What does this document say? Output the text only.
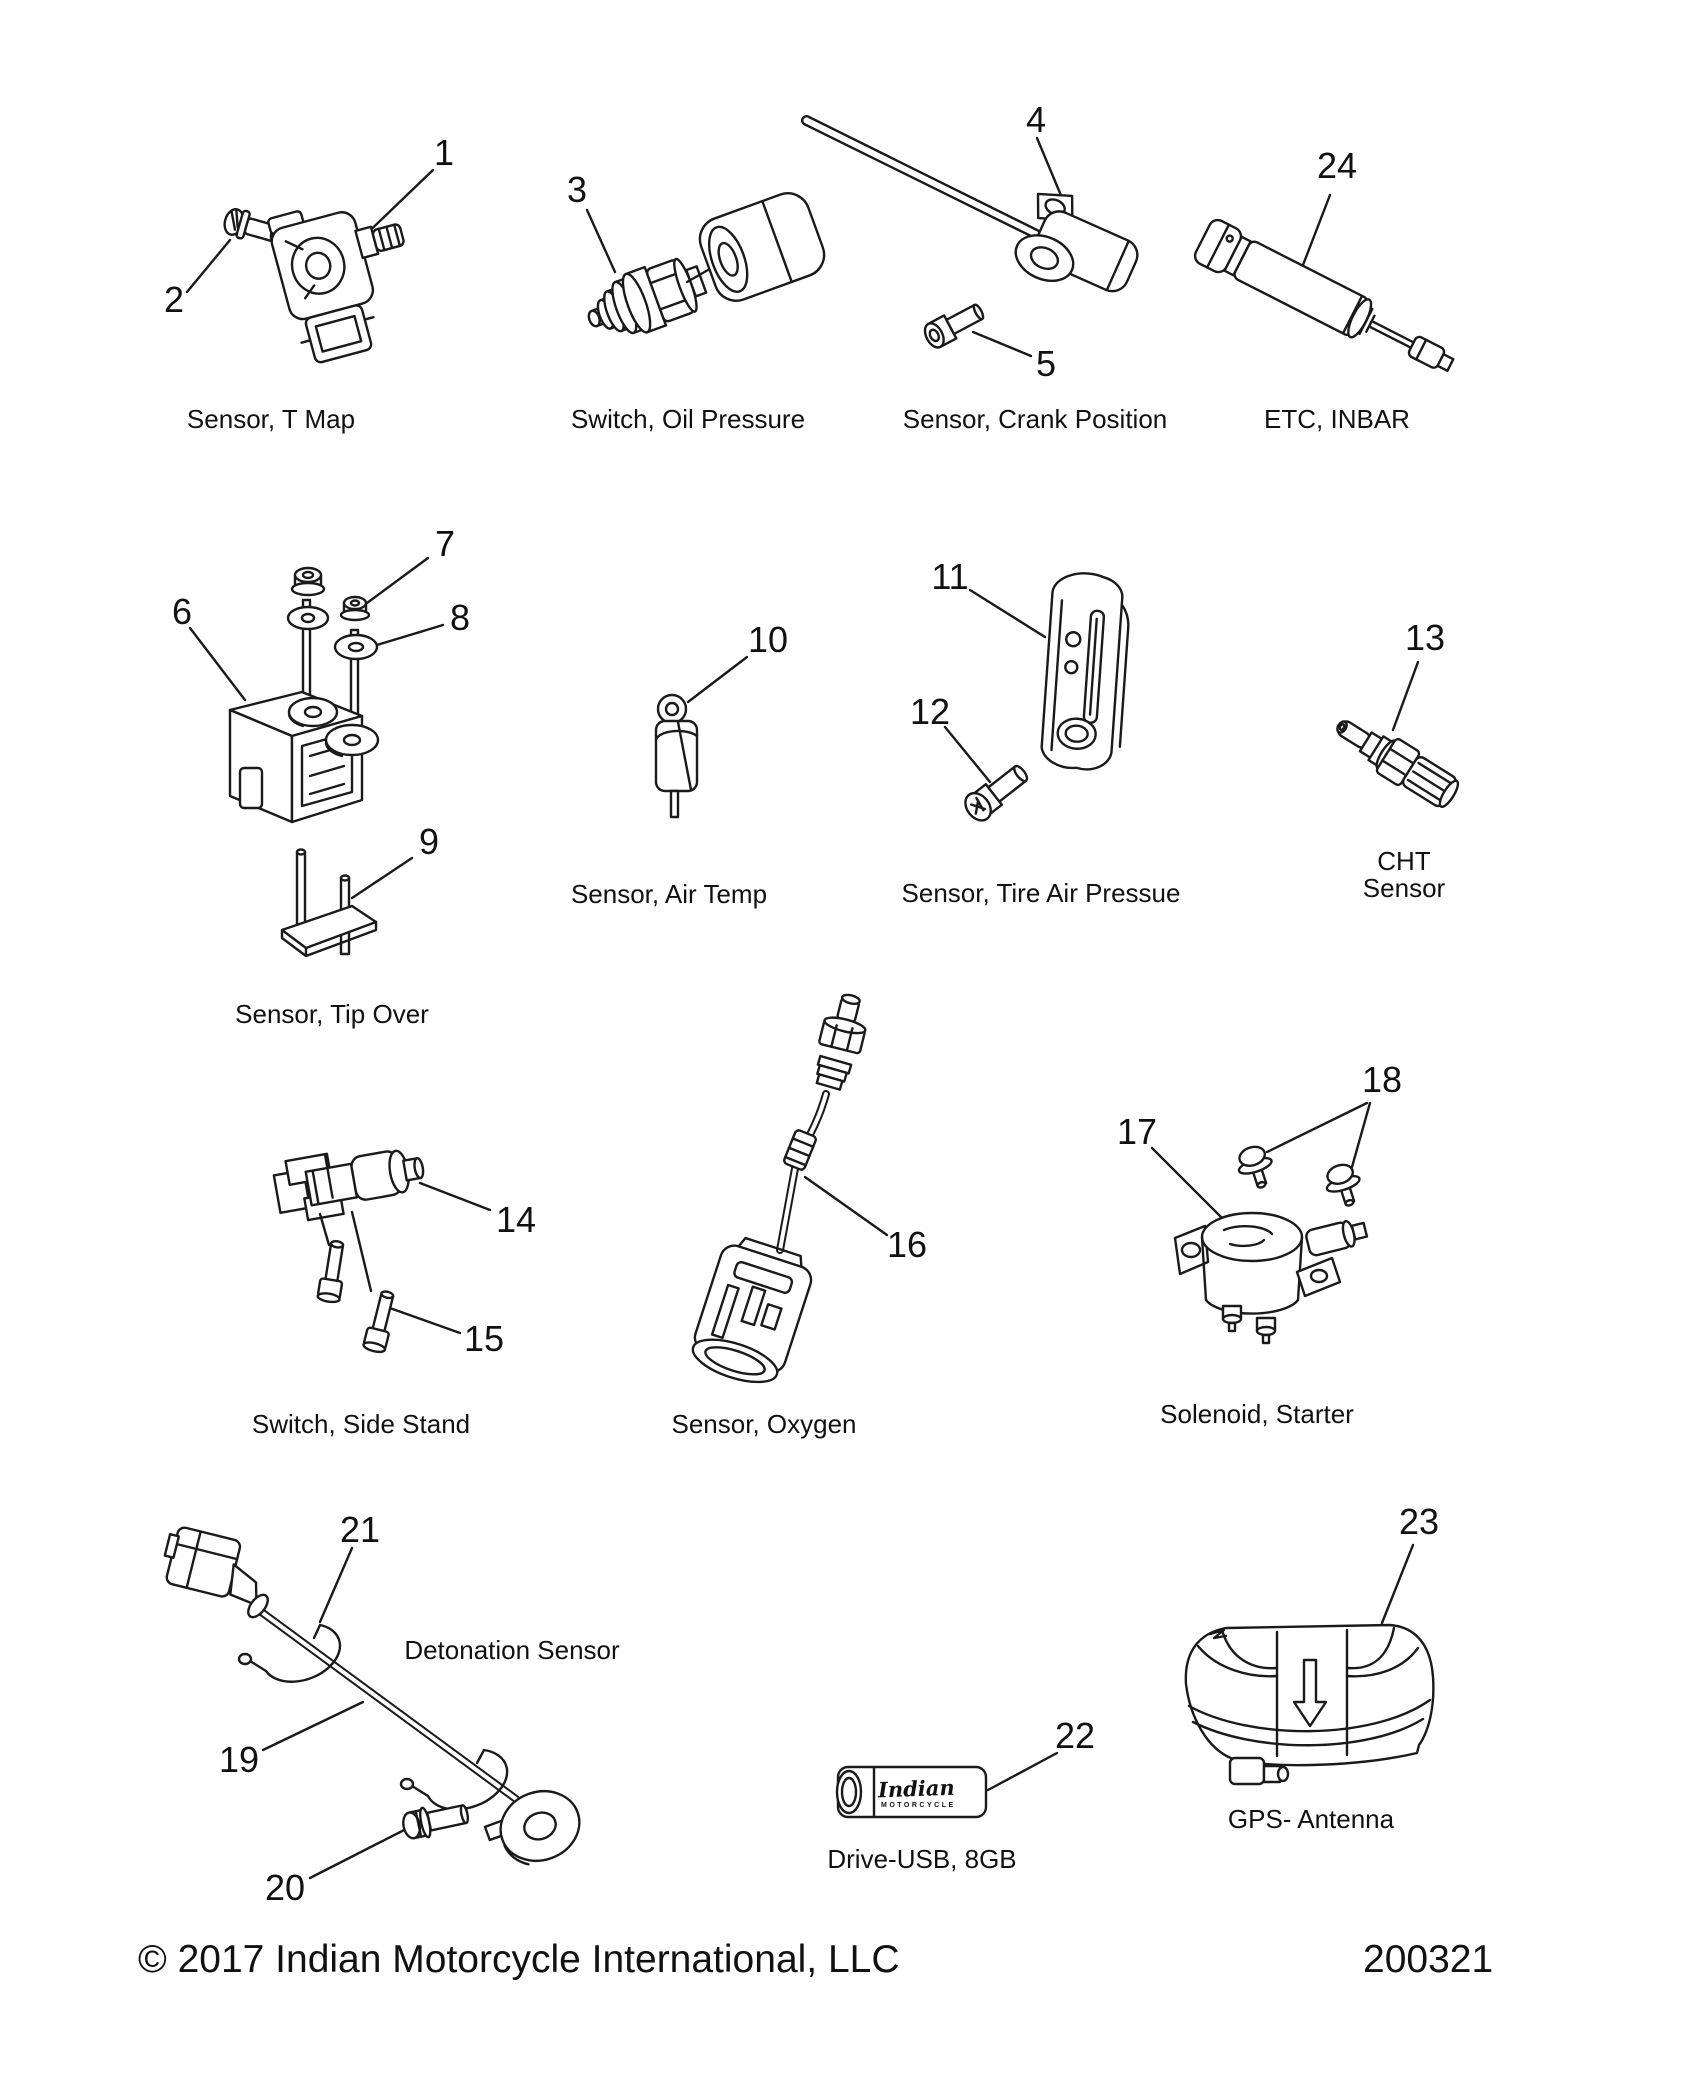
1
2
3
4
5
6
7
8
9
10
11
12
13
14
15
16
17
18
19
20
21
22
23
24
Sensor, T Map	Switch, Oil Pressure	Sensor, Crank Position	ETC, INBAR
Sensor, Tip Over
Sensor, Air Temp	Sensor, Tire Air Pressue
CHT
Sensor
Switch, Side Stand	Sensor, Oxygen	Solenoid, Starter
Detonation Sensor
Drive-USB, 8GB
GPS- Antenna
Indian
MOTORCYCLE
© 2017 Indian Motorcycle International, LLC	200321
